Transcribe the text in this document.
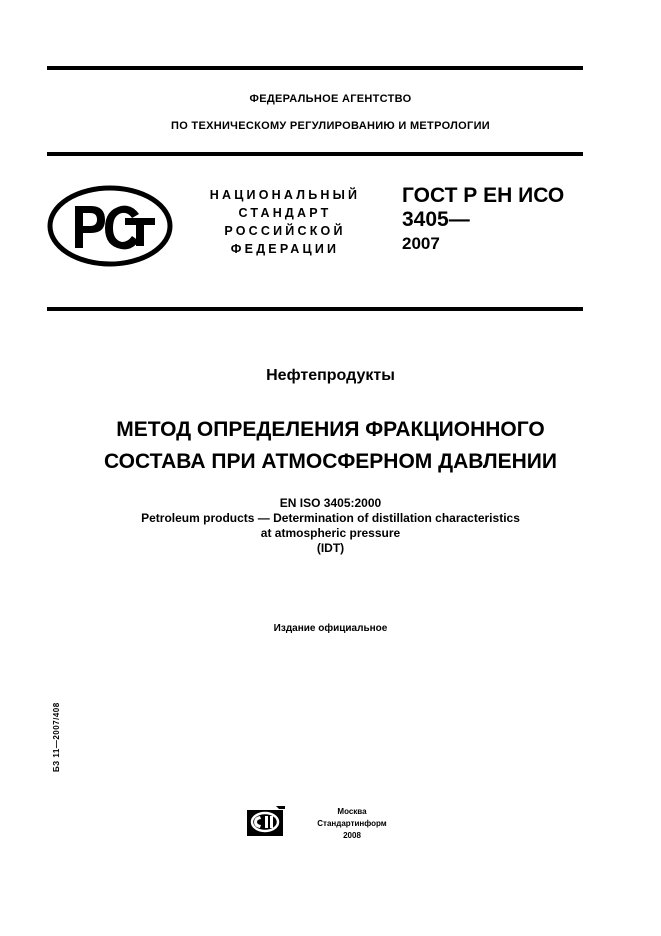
ФЕДЕРАЛЬНОЕ АГЕНТСТВО
ПО ТЕХНИЧЕСКОМУ РЕГУЛИРОВАНИЮ И МЕТРОЛОГИИ
НАЦИОНАЛЬНЫЙ
СТАНДАРТ
РОССИЙСКОЙ
ФЕДЕРАЦИИ
ГОСТ Р ЕН ИСО
3405—
2007
Нефтепродукты
МЕТОД ОПРЕДЕЛЕНИЯ ФРАКЦИОННОГО
СОСТАВА ПРИ АТМОСФЕРНОМ ДАВЛЕНИИ
EN ISO 3405:2000
Petroleum products — Determination of distillation characteristics
at atmospheric pressure
(IDT)
Издание официальное
БЗ 11—2007/408
Москва
Стандартинформ
2008
